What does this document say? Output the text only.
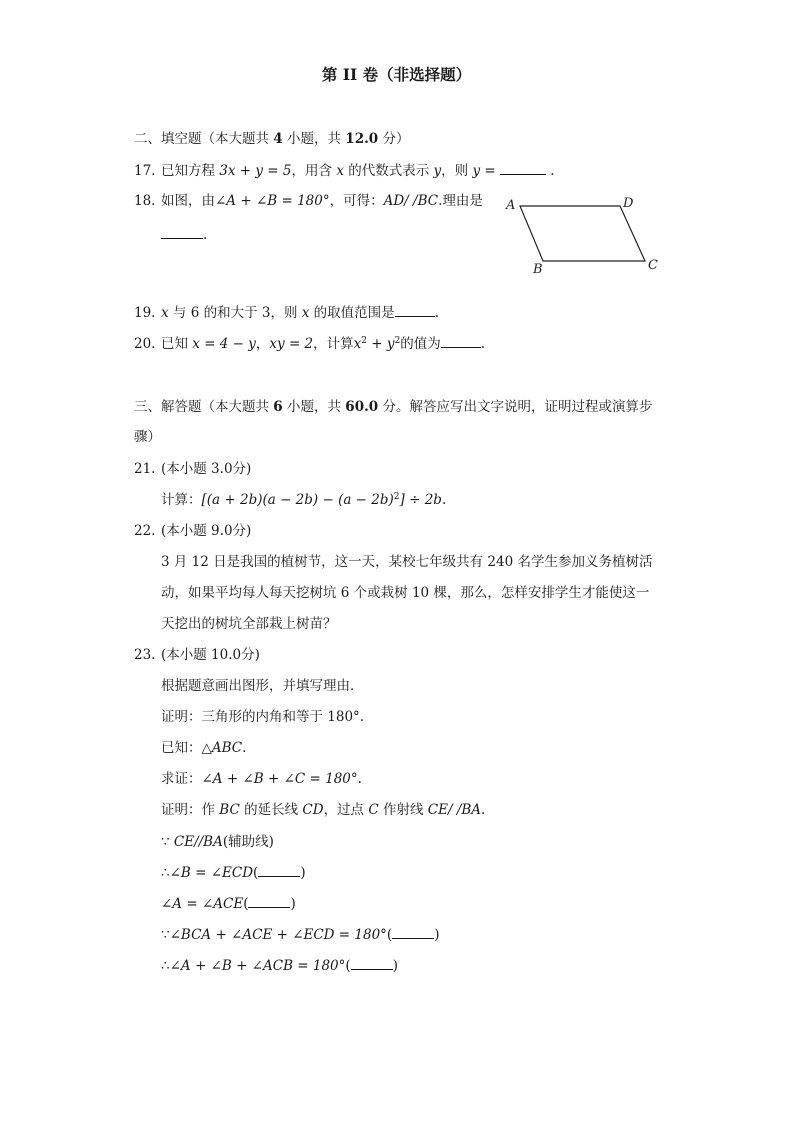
第 II 卷（非选择题）
二、填空题（本大题共 4 小题，共 12.0 分）
17. 已知方程 3x + y = 5，用含 x 的代数式表示 y，则 y =	.
18. 如图，由∠A + ∠B = 180°，可得：AD/ /BC.理由是
.
A	D
B	C
19. x 与 6 的和大于 3，则 x 的取值范围是	.
20. 已知 x = 4 − y，xy = 2，计算$x^2 + y^2$的值为	.
三、解答题（本大题共 6 小题，共 60.0 分。解答应写出文字说明，证明过程或演算步
骤）
21. (本小题 3.0分)
计算：$[(a + 2b)(a - 2b) - (a - 2b)^2] \div 2b$.
22. (本小题 9.0分)
3 月 12 日是我国的植树节，这一天，某校七年级共有 240 名学生参加义务植树活
动，如果平均每人每天挖树坑 6 个或栽树 10 棵，那么，怎样安排学生才能使这一
天挖出的树坑全部栽上树苗？
23. (本小题 10.0分)
根据题意画出图形，并填写理由．
证明：三角形的内角和等于 180°.
已知：△ABC.
求证：∠A + ∠B + ∠C = 180°.
证明：作 BC 的延长线 CD，过点 C 作射线 CE/ /BA.
∵ CE//BA(辅助线)
∴∠B = ∠ECD(	)
∠A = ∠ACE(	)
∵∠BCA + ∠ACE + ∠ECD = 180°(	)
∴∠A + ∠B + ∠ACB = 180°(	)
